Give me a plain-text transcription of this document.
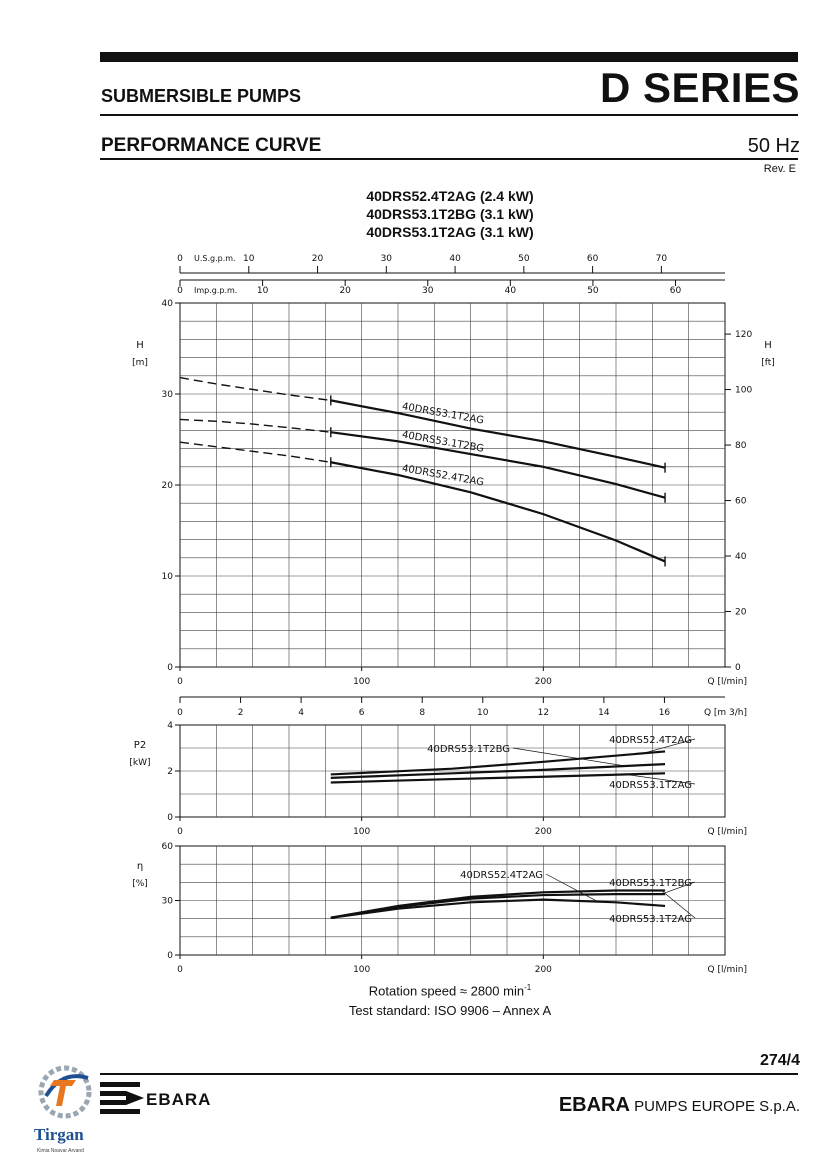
SUBMERSIBLE PUMPS	D SERIES
PERFORMANCE CURVE	50 Hz
Rev. E
40DRS52.4T2AG (2.4 kW)
40DRS53.1T2BG (3.1 kW)
40DRS53.1T2AG (3.1 kW)
0
10
20
30
40
0	100	200	Q [l/min]
H
[m]
40DRS53.1T2AG
40DRS53.1T2BG
40DRS52.4T2AG
0
2
4
0	100	200	Q [l/min]
P2
[kW]
0
30
60
0	100	200	Q [l/min]
η
[%]
0
20
40
60
80
100
120
H
[ft]
0	10	20	30	40	50	60	70
U.S.g.p.m.
0	10	20	30	40	50	60
Imp.g.p.m.
0	2	4	6	8	10	12	14	16	Q [m 3/h]
40DRS52.4T2AG
40DRS53.1T2BG
40DRS53.1T2AG
40DRS52.4T2AG
40DRS53.1T2BG
40DRS53.1T2AG
Rotation speed ≈ 2800 $\min^{-1}$
Test standard: ISO 9906 – Annex A
274/4
EBARA	EBARA PUMPS EUROPE S.p.A.
Tirgan
Kimia Noavar Arvand
